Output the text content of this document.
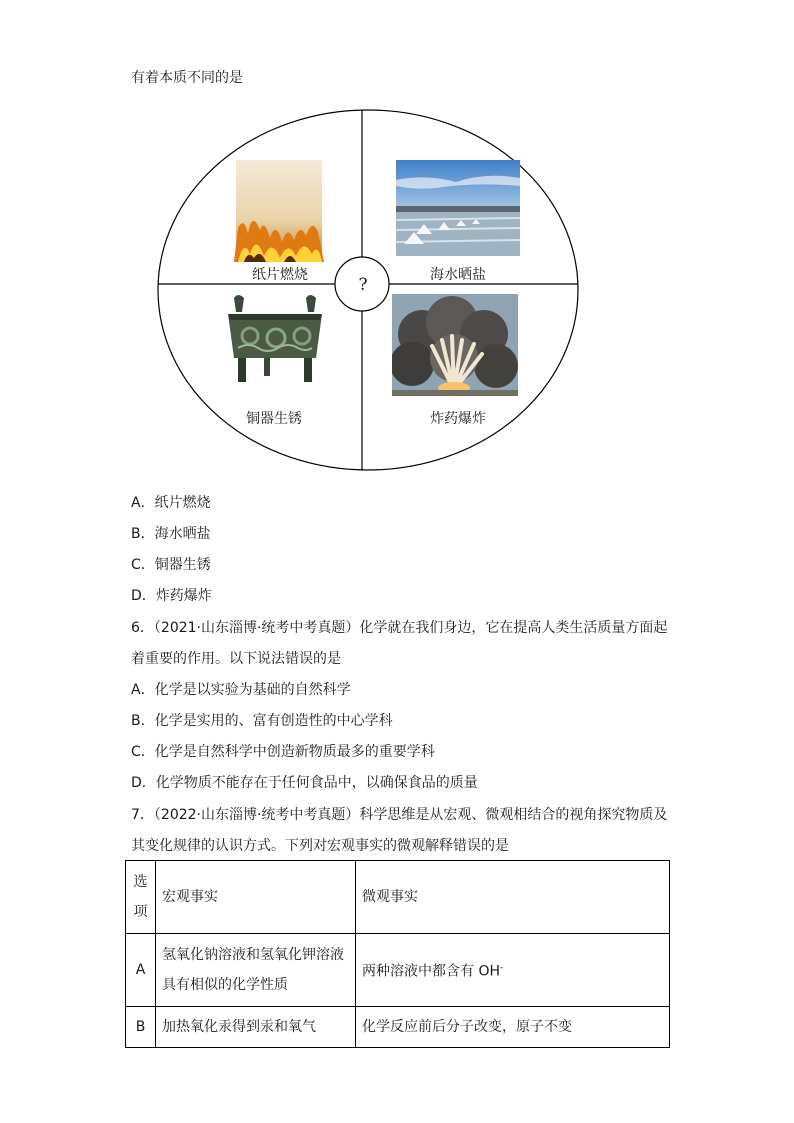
有着本质不同的是
?
纸片燃烧	海水晒盐
铜器生锈	炸药爆炸
A．纸片燃烧
B．海水晒盐
C．铜器生锈
D．炸药爆炸
6．（2021·山东淄博·统考中考真题）化学就在我们身边，它在提高人类生活质量方面起
着重要的作用。以下说法错误的是
A．化学是以实验为基础的自然科学
B．化学是实用的、富有创造性的中心学科
C．化学是自然科学中创造新物质最多的重要学科
D．化学物质不能存在于任何食品中，以确保食品的质量
7．（2022·山东淄博·统考中考真题）科学思维是从宏观、微观相结合的视角探究物质及
其变化规律的认识方式。下列对宏观事实的微观解释错误的是
选
项	宏观事实	微观事实
A	氢氧化钠溶液和氢氧化钾溶液
具有相似的化学性质	两种溶液中都含有 OH-
B	加热氧化汞得到汞和氧气	化学反应前后分子改变，原子不变
